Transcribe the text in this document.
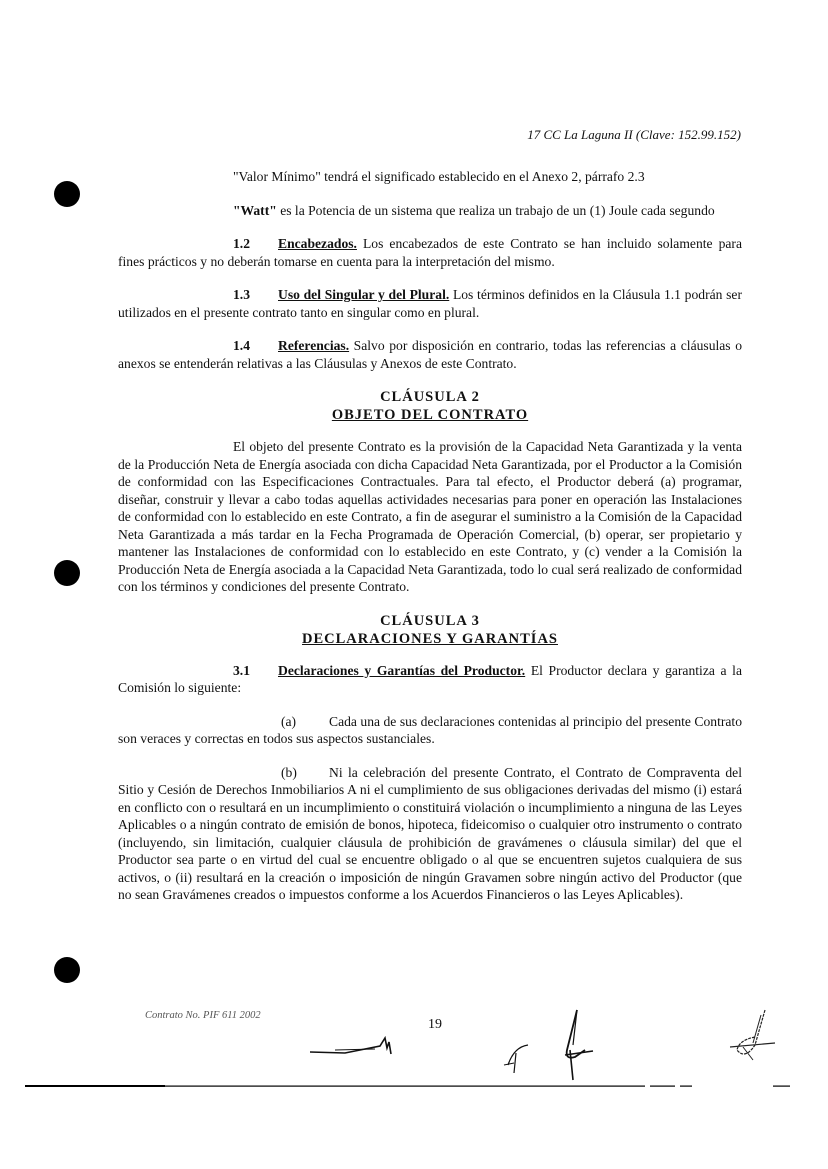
17 CC La Laguna II (Clave: 152.99.152)

"Valor Mínimo" tendrá el significado establecido en el Anexo 2, párrafo 2.3

"Watt" es la Potencia de un sistema que realiza un trabajo de un (1) Joule cada segundo

1.2 Encabezados. Los encabezados de este Contrato se han incluido solamente para fines prácticos y no deberán tomarse en cuenta para la interpretación del mismo.

1.3 Uso del Singular y del Plural. Los términos definidos en la Cláusula 1.1 podrán ser utilizados en el presente contrato tanto en singular como en plural.

1.4 Referencias. Salvo por disposición en contrario, todas las referencias a cláusulas o anexos se entenderán relativas a las Cláusulas y Anexos de este Contrato.

CLÁUSULA 2

OBJETO DEL CONTRATO

El objeto del presente Contrato es la provisión de la Capacidad Neta Garantizada y la venta de la Producción Neta de Energía asociada con dicha Capacidad Neta Garantizada, por el Productor a la Comisión de conformidad con las Especificaciones Contractuales. Para tal efecto, el Productor deberá (a) programar, diseñar, construir y llevar a cabo todas aquellas actividades necesarias para poner en operación las Instalaciones de conformidad con lo establecido en este Contrato, a fin de asegurar el suministro a la Comisión de la Capacidad Neta Garantizada a más tardar en la Fecha Programada de Operación Comercial, (b) operar, ser propietario y mantener las Instalaciones de conformidad con lo establecido en este Contrato, y (c) vender a la Comisión la Producción Neta de Energía asociada a la Capacidad Neta Garantizada, todo lo cual será realizado de conformidad con los términos y condiciones del presente Contrato.

CLÁUSULA 3

DECLARACIONES Y GARANTÍAS

3.1 Declaraciones y Garantías del Productor. El Productor declara y garantiza a la Comisión lo siguiente:

(a) Cada una de sus declaraciones contenidas al principio del presente Contrato son veraces y correctas en todos sus aspectos sustanciales.

(b) Ni la celebración del presente Contrato, el Contrato de Compraventa del Sitio y Cesión de Derechos Inmobiliarios A ni el cumplimiento de sus obligaciones derivadas del mismo (i) estará en conflicto con o resultará en un incumplimiento o constituirá violación o incumplimiento a ninguna de las Leyes Aplicables o a ningún contrato de emisión de bonos, hipoteca, fideicomiso o cualquier otro instrumento o contrato (incluyendo, sin limitación, cualquier cláusula de prohibición de gravámenes o cláusula similar) del que el Productor sea parte o en virtud del cual se encuentre obligado o al que se encuentren sujetos cualquiera de sus activos, o (ii) resultará en la creación o imposición de ningún Gravamen sobre ningún activo del Productor (que no sean Gravámenes creados o impuestos conforme a los Acuerdos Financieros o las Leyes Aplicables).

Contrato No. PIF 611 2002
19
